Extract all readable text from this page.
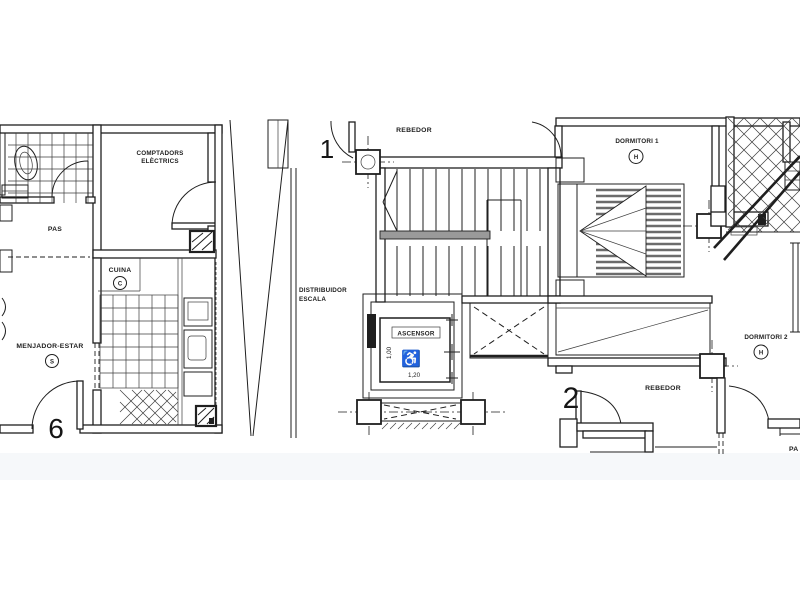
COMPTADORS
ELÈCTRICS
PAS
CUINA
C
MENJADOR-ESTAR
S
6
1
REBEDOR
DISTRIBUIDOR
ESCALA
ASCENSOR
♿
1,20
1,00
DORMITORI 1
H
DORMITORI 2
H
REBEDOR
2
PA
